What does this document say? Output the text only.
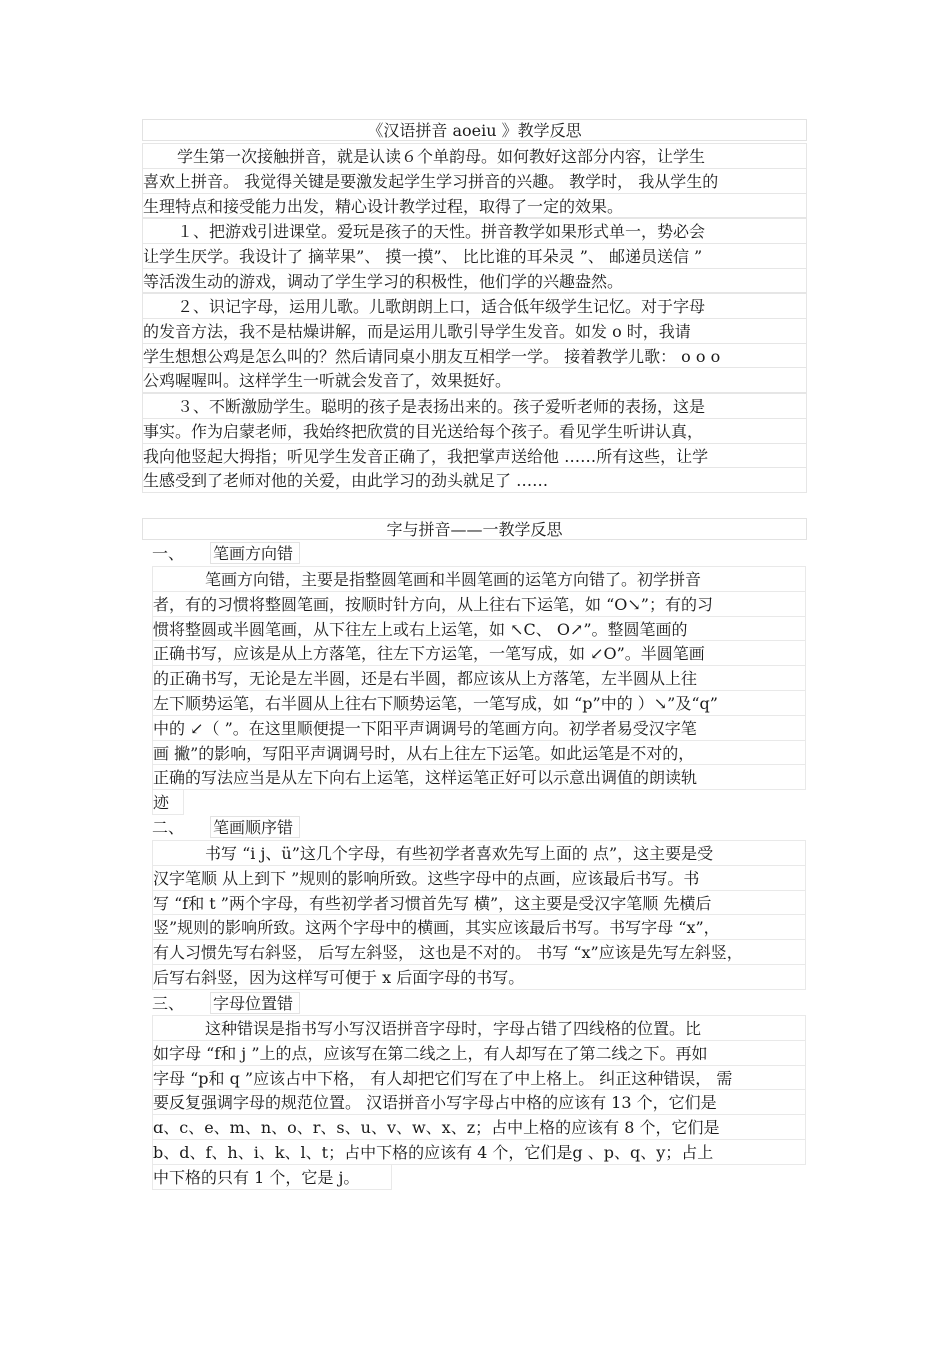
《汉语拼音 aoeiu 》教学反思
学生第一次接触拼音，就是认读６个单韵母。如何教好这部分内容，让学生
喜欢上拼音。 我觉得关键是要激发起学生学习拼音的兴趣。 教学时， 我从学生的
生理特点和接受能力出发，精心设计教学过程，取得了一定的效果。
１、把游戏引进课堂。爱玩是孩子的天性。拼音教学如果形式单一，势必会
让学生厌学。我设计了 摘苹果”、 摸一摸”、 比比谁的耳朵灵 ”、 邮递员送信 ”
等活泼生动的游戏，调动了学生学习的积极性，他们学的兴趣盎然。
２、识记字母，运用儿歌。儿歌朗朗上口，适合低年级学生记忆。对于字母
的发音方法，我不是枯燥讲解，而是运用儿歌引导学生发音。如发 o 时，我请
学生想想公鸡是怎么叫的？然后请同桌小朋友互相学一学。 接着教学儿歌： o o o
公鸡喔喔叫。这样学生一听就会发音了，效果挺好。
３、不断激励学生。聪明的孩子是表扬出来的。孩子爱听老师的表扬，这是
事实。作为启蒙老师，我始终把欣赏的目光送给每个孩子。看见学生听讲认真，
我向他竖起大拇指；听见学生发音正确了，我把掌声送给他 ……所有这些，让学
生感受到了老师对他的关爱，由此学习的劲头就足了 ……
字与拼音——一教学反思
一、 笔画方向错
笔画方向错，主要是指整圆笔画和半圆笔画的运笔方向错了。初学拼音
者，有的习惯将整圆笔画，按顺时针方向，从上往右下运笔，如 “O↘”；有的习
惯将整圆或半圆笔画，从下往左上或右上运笔，如 ↖C、 O↗”。整圆笔画的
正确书写，应该是从上方落笔，往左下方运笔，一笔写成，如 ↙O”。半圆笔画
的正确书写，无论是左半圆，还是右半圆，都应该从上方落笔，左半圆从上往
左下顺势运笔，右半圆从上往右下顺势运笔，一笔写成，如 “p”中的 ）↘”及“q”
中的 ↙（ ”。在这里顺便提一下阳平声调调号的笔画方向。初学者易受汉字笔
画 撇”的影响，写阳平声调调号时，从右上往左下运笔。如此运笔是不对的，
正确的写法应当是从左下向右上运笔，这样运笔正好可以示意出调值的朗读轨
迹
二、 笔画顺序错
书写 “i j、ü”这几个字母，有些初学者喜欢先写上面的 点”，这主要是受
汉字笔顺 从上到下 ”规则的影响所致。这些字母中的点画，应该最后书写。书
写 “f和 t ”两个字母，有些初学者习惯首先写 横”，这主要是受汉字笔顺 先横后
竖”规则的影响所致。这两个字母中的横画，其实应该最后书写。书写字母 “x”，
有人习惯先写右斜竖， 后写左斜竖， 这也是不对的。 书写 “x”应该是先写左斜竖，
后写右斜竖，因为这样写可便于 x 后面字母的书写。
三、 字母位置错
这种错误是指书写小写汉语拼音字母时，字母占错了四线格的位置。比
如字母 “f和 j ”上的点，应该写在第二线之上，有人却写在了第二线之下。再如
字母 “p和 q ”应该占中下格， 有人却把它们写在了中上格上。 纠正这种错误， 需
要反复强调字母的规范位置。 汉语拼音小写字母占中格的应该有 13 个，它们是
ɑ、c、e、m、n、o、r、s、u、v、w、x、z；占中上格的应该有 8 个，它们是
b、d、f、h、i、k、l、t；占中下格的应该有 4 个，它们是g 、p、q、y；占上
中下格的只有 1 个，它是 j。
